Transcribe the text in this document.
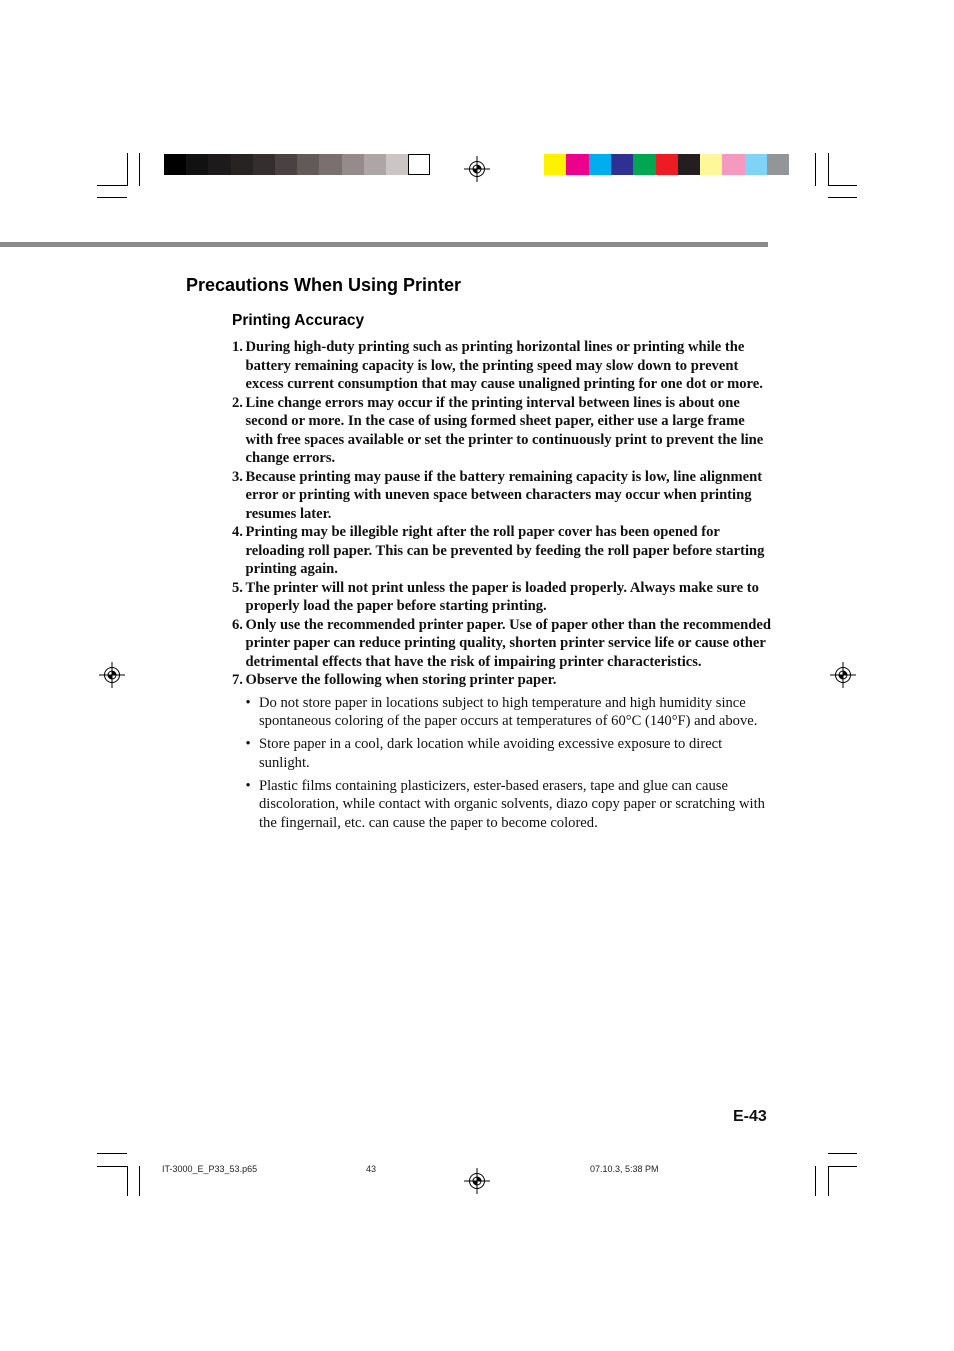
Precautions When Using Printer
Printing Accuracy
1. During high-duty printing such as printing horizontal lines or printing while the battery remaining capacity is low, the printing speed may slow down to prevent excess current consumption that may cause unaligned printing for one dot or more.
2. Line change errors may occur if the printing interval between lines is about one second or more. In the case of using formed sheet paper, either use a large frame with free spaces available or set the printer to continuously print to prevent the line change errors.
3. Because printing may pause if the battery remaining capacity is low, line alignment error or printing with uneven space between characters may occur when printing resumes later.
4. Printing may be illegible right after the roll paper cover has been opened for reloading roll paper. This can be prevented by feeding the roll paper before starting printing again.
5. The printer will not print unless the paper is loaded properly. Always make sure to properly load the paper before starting printing.
6. Only use the recommended printer paper. Use of paper other than the recommended printer paper can reduce printing quality, shorten printer service life or cause other detrimental effects that have the risk of impairing printer characteristics.
7. Observe the following when storing printer paper.
• Do not store paper in locations subject to high temperature and high humidity since spontaneous coloring of the paper occurs at temperatures of 60°C (140°F) and above.
• Store paper in a cool, dark location while avoiding excessive exposure to direct sunlight.
• Plastic films containing plasticizers, ester-based erasers, tape and glue can cause discoloration, while contact with organic solvents, diazo copy paper or scratching with the fingernail, etc. can cause the paper to become colored.
E-43
IT-3000_E_P33_53.p65	43	07.10.3, 5:38 PM
